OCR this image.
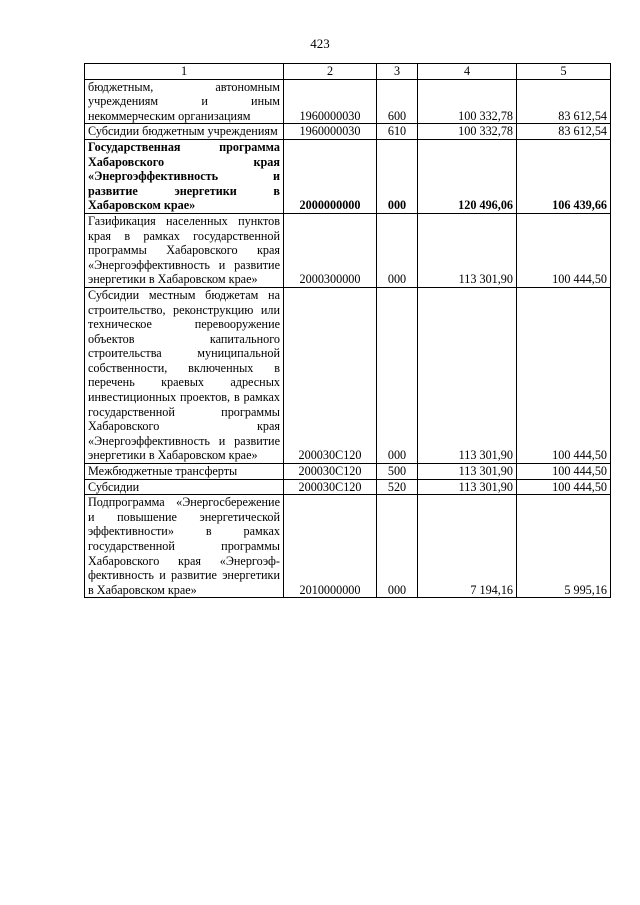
423
1	2	3	4	5
бюджетным, автономным учреждениям и иным некоммерческим организациям	1960000030	600	100 332,78	83 612,54
Субсидии бюджетным учреждениям	1960000030	610	100 332,78	83 612,54
Государственная программа Хабаровского края «Энергоэффективность и развитие энергетики в Хабаровском крае»	2000000000	000	120 496,06	106 439,66
Газификация населенных пунктов края в рамках государственной программы Хабаровского края «Энергоэффективность и развитие энергетики в Хабаровском крае»	2000300000	000	113 301,90	100 444,50
Субсидии местным бюджетам на строительство, реконструкцию или техническое перевооружение объектов капитального строительства муниципальной собственности, включенных в перечень краевых адресных инвестиционных проектов, в рамках государственной программы Хабаровского края «Энергоэффективность и развитие энергетики в Хабаровском крае»	200030С120	000	113 301,90	100 444,50
Межбюджетные трансферты	200030С120	500	113 301,90	100 444,50
Субсидии	200030С120	520	113 301,90	100 444,50
Подпрограмма «Энергосбережение и повышение энергетической эффективности» в рамках государственной программы Хабаровского края «Энергоэф-фективность и развитие энергетики в Хабаровском крае»	2010000000	000	7 194,16	5 995,16
